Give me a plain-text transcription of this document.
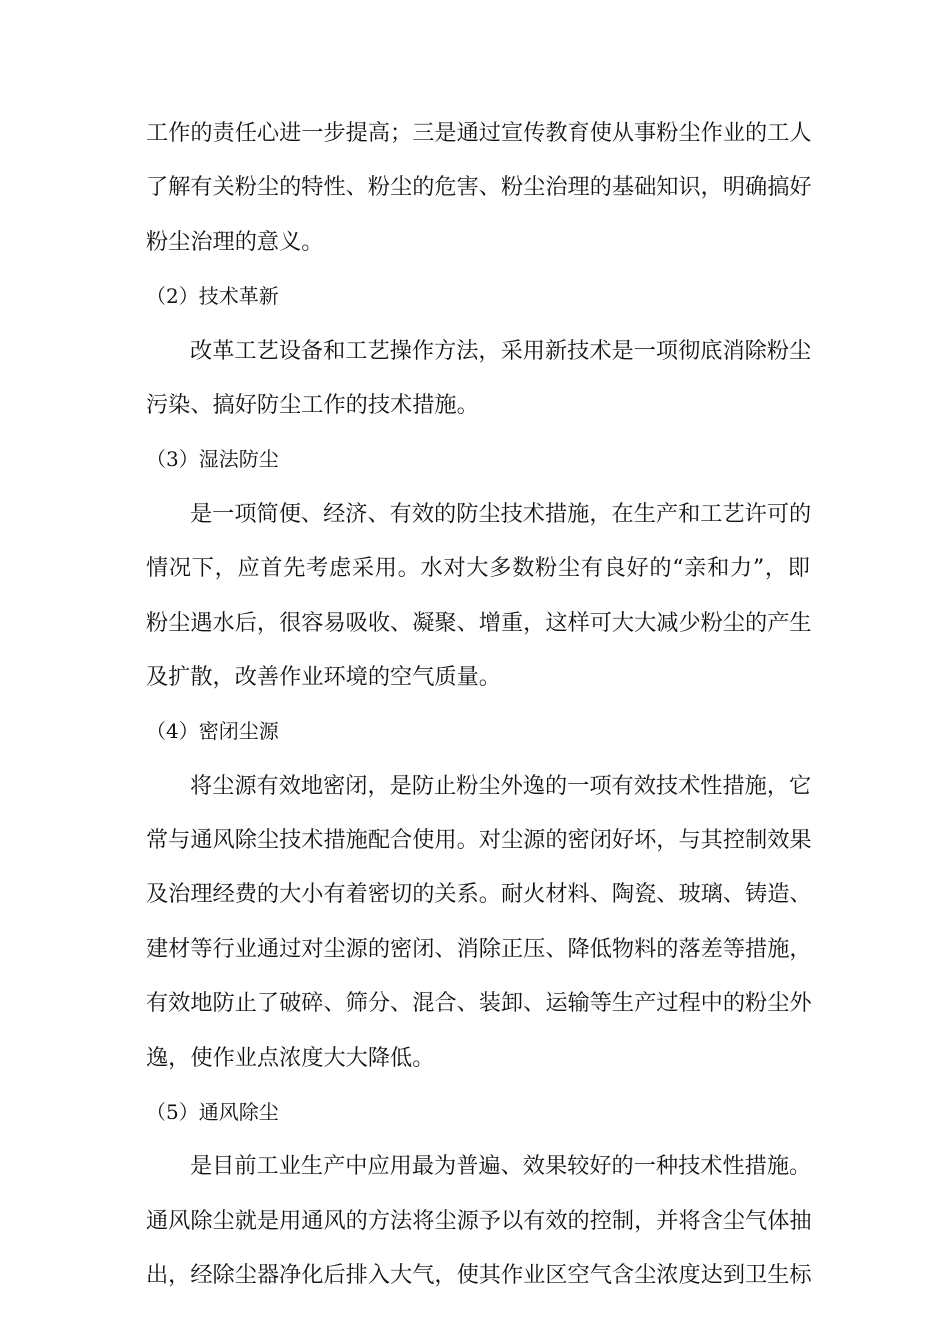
工作的责任心进一步提高；三是通过宣传教育使从事粉尘作业的工人
了解有关粉尘的特性、粉尘的危害、粉尘治理的基础知识，明确搞好
粉尘治理的意义。
（2）技术革新
改革工艺设备和工艺操作方法，采用新技术是一项彻底消除粉尘
污染、搞好防尘工作的技术措施。
（3）湿法防尘
是一项简便、经济、有效的防尘技术措施，在生产和工艺许可的
情况下，应首先考虑采用。水对大多数粉尘有良好的“亲和力”，即
粉尘遇水后，很容易吸收、凝聚、增重，这样可大大减少粉尘的产生
及扩散，改善作业环境的空气质量。
（4）密闭尘源
将尘源有效地密闭，是防止粉尘外逸的一项有效技术性措施，它
常与通风除尘技术措施配合使用。对尘源的密闭好坏，与其控制效果
及治理经费的大小有着密切的关系。耐火材料、陶瓷、玻璃、铸造、
建材等行业通过对尘源的密闭、消除正压、降低物料的落差等措施，
有效地防止了破碎、筛分、混合、装卸、运输等生产过程中的粉尘外
逸，使作业点浓度大大降低。
（5）通风除尘
是目前工业生产中应用最为普遍、效果较好的一种技术性措施。
通风除尘就是用通风的方法将尘源予以有效的控制，并将含尘气体抽
出，经除尘器净化后排入大气，使其作业区空气含尘浓度达到卫生标
